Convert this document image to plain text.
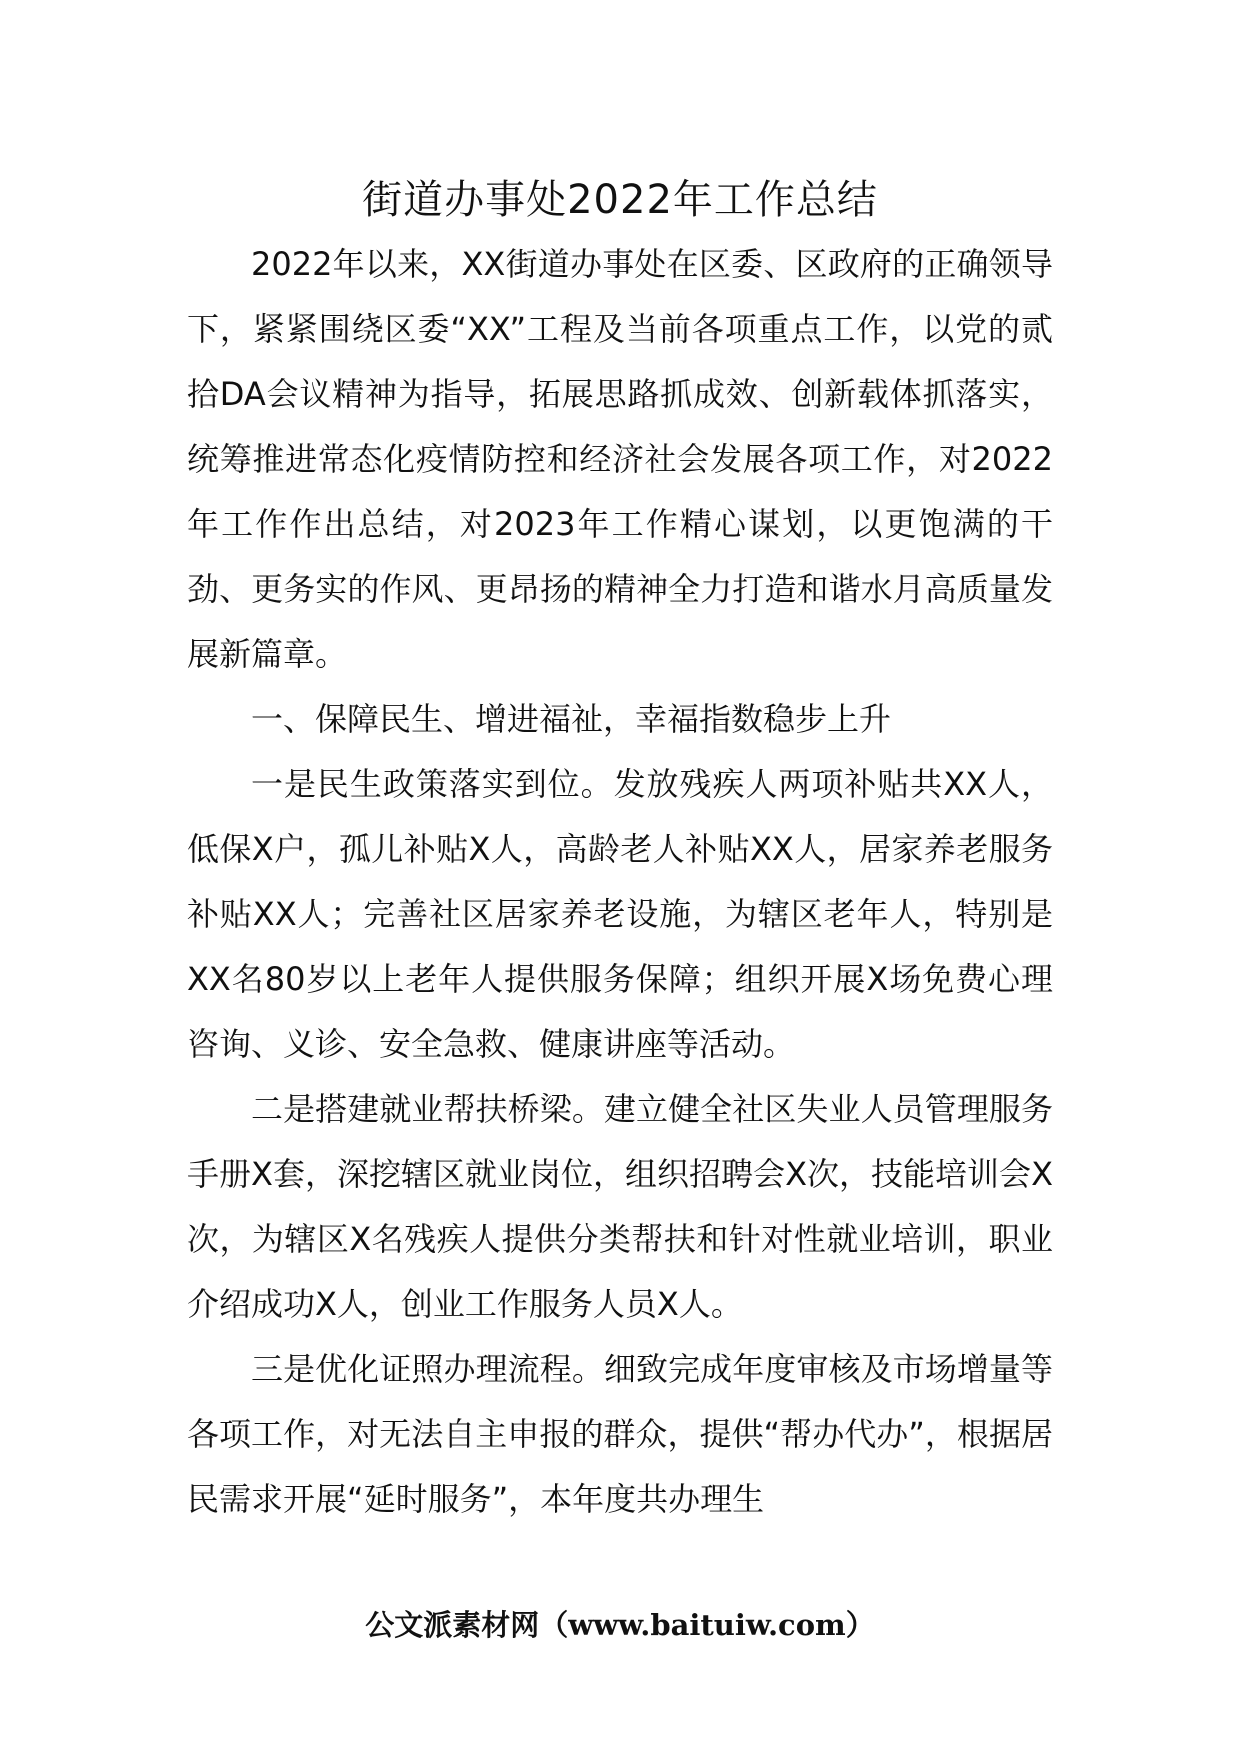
街道办事处2022年工作总结

2022年以来，XX街道办事处在区委、区政府的正确领导下，紧紧围绕区委“XX”工程及当前各项重点工作，以党的贰拾DA会议精神为指导，拓展思路抓成效、创新载体抓落实，统筹推进常态化疫情防控和经济社会发展各项工作，对2022年工作作出总结，对2023年工作精心谋划，以更饱满的干劲、更务实的作风、更昂扬的精神全力打造和谐水月高质量发展新篇章。

一、保障民生、增进福祉，幸福指数稳步上升

一是民生政策落实到位。发放残疾人两项补贴共XX人，低保X户，孤儿补贴X人，高龄老人补贴XX人，居家养老服务补贴XX人；完善社区居家养老设施，为辖区老年人，特别是XX名80岁以上老年人提供服务保障；组织开展X场免费心理咨询、义诊、安全急救、健康讲座等活动。

二是搭建就业帮扶桥梁。建立健全社区失业人员管理服务手册X套，深挖辖区就业岗位，组织招聘会X次，技能培训会X次，为辖区X名残疾人提供分类帮扶和针对性就业培训，职业介绍成功X人，创业工作服务人员X人。

三是优化证照办理流程。细致完成年度审核及市场增量等各项工作，对无法自主申报的群众，提供“帮办代办”，根据居民需求开展“延时服务”，本年度共办理生

公文派素材网（www.baituiw.com）
